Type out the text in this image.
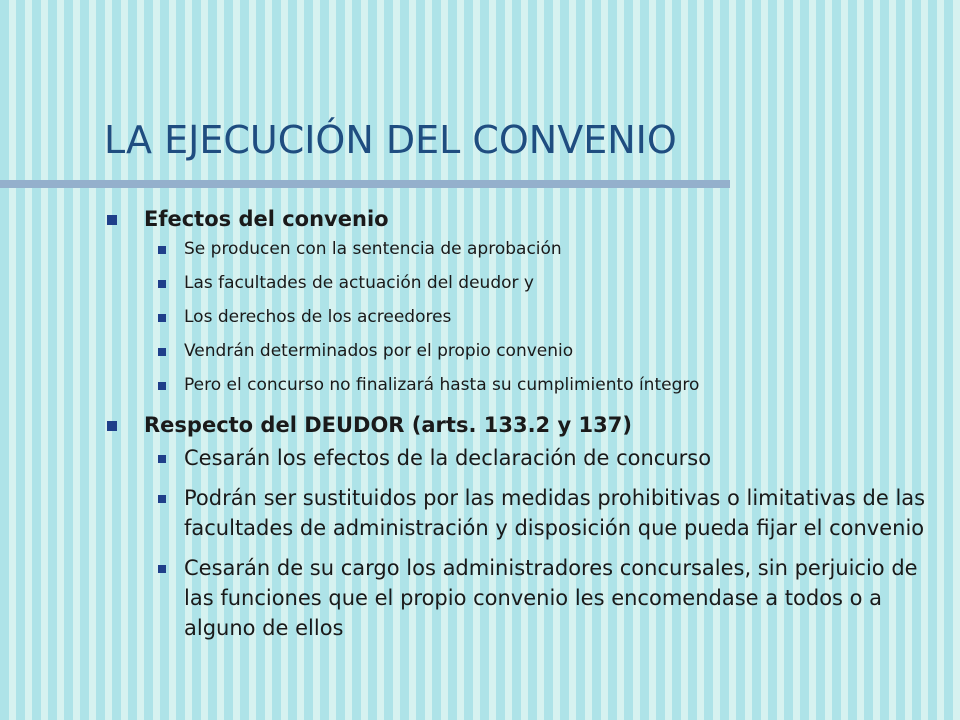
LA EJECUCIÓN DEL CONVENIO
Efectos del convenio
Se producen con la sentencia de aprobación
Las facultades de actuación del deudor y
Los derechos de los acreedores
Vendrán determinados por el propio convenio
Pero el concurso no finalizará hasta su cumplimiento íntegro
Respecto del DEUDOR (arts. 133.2 y 137)
Cesarán los efectos de la declaración de concurso
Podrán ser sustituidos por las medidas prohibitivas o limitativas de las facultades de administración y disposición que pueda fijar el convenio
Cesarán de su cargo los administradores concursales, sin perjuicio de las funciones que el propio convenio les encomendase a todos o a alguno de ellos
